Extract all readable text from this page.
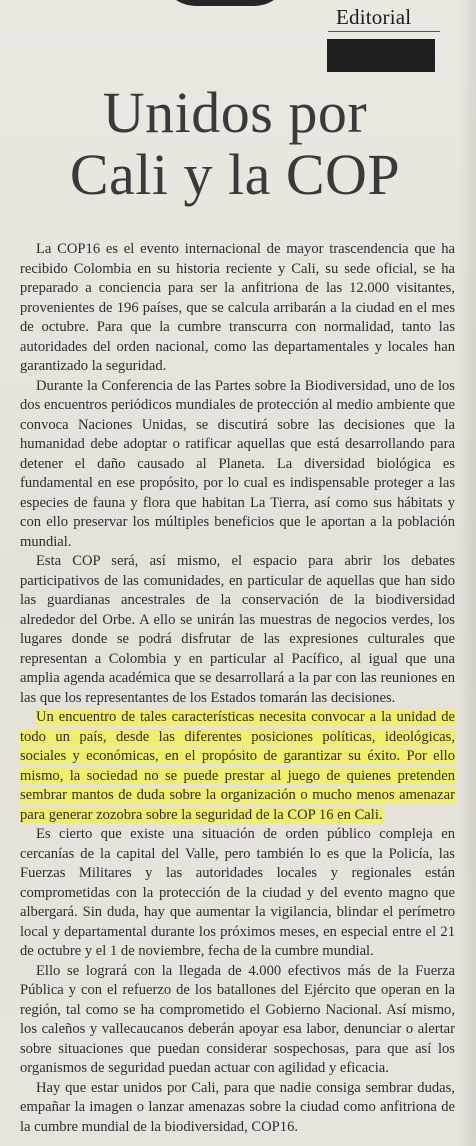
Editorial
Unidos por
Cali y la COP

La COP16 es el evento internacional de mayor trascendencia que ha recibido Colombia en su historia reciente y Cali, su sede oficial, se ha preparado a conciencia para ser la anfitriona de las 12.000 visitantes, provenientes de 196 países, que se calcula arribarán a la ciudad en el mes de octubre. Para que la cumbre transcurra con normalidad, tanto las autoridades del orden nacional, como las departamentales y locales han garantizado la seguridad.

Durante la Conferencia de las Partes sobre la Biodiversidad, uno de los dos encuentros periódicos mundiales de protección al medio ambiente que convoca Naciones Unidas, se discutirá sobre las decisiones que la humanidad debe adoptar o ratificar aquellas que está desarrollando para detener el daño causado al Planeta. La diversidad biológica es fundamental en ese propósito, por lo cual es indispensable proteger a las especies de fauna y flora que habitan La Tierra, así como sus hábitats y con ello preservar los múltiples beneficios que le aportan a la población mundial.

Esta COP será, así mismo, el espacio para abrir los debates participativos de las comunidades, en particular de aquellas que han sido las guardianas ancestrales de la conservación de la biodiversidad alrededor del Orbe. A ello se unirán las muestras de negocios verdes, los lugares donde se podrá disfrutar de las expresiones culturales que representan a Colombia y en particular al Pacífico, al igual que una amplia agenda académica que se desarrollará a la par con las reuniones en las que los representantes de los Estados tomarán las decisiones.

Un encuentro de tales características necesita convocar a la unidad de todo un país, desde las diferentes posiciones políticas, ideológicas, sociales y económicas, en el propósito de garantizar su éxito. Por ello mismo, la sociedad no se puede prestar al juego de quienes pretenden sembrar mantos de duda sobre la organización o mucho menos amenazar para generar zozobra sobre la seguridad de la COP 16 en Cali.

Es cierto que existe una situación de orden público compleja en cercanías de la capital del Valle, pero también lo es que la Policía, las Fuerzas Militares y las autoridades locales y regionales están comprometidas con la protección de la ciudad y del evento magno que albergará. Sin duda, hay que aumentar la vigilancia, blindar el perímetro local y departamental durante los próximos meses, en especial entre el 21 de octubre y el 1 de noviembre, fecha de la cumbre mundial.

Ello se logrará con la llegada de 4.000 efectivos más de la Fuerza Pública y con el refuerzo de los batallones del Ejército que operan en la región, tal como se ha comprometido el Gobierno Nacional. Así mismo, los caleños y vallecaucanos deberán apoyar esa labor, denunciar o alertar sobre situaciones que puedan considerar sospechosas, para que así los organismos de seguridad puedan actuar con agilidad y eficacia.

Hay que estar unidos por Cali, para que nadie consiga sembrar dudas, empañar la imagen o lanzar amenazas sobre la ciudad como anfitriona de la cumbre mundial de la biodiversidad, COP16.
